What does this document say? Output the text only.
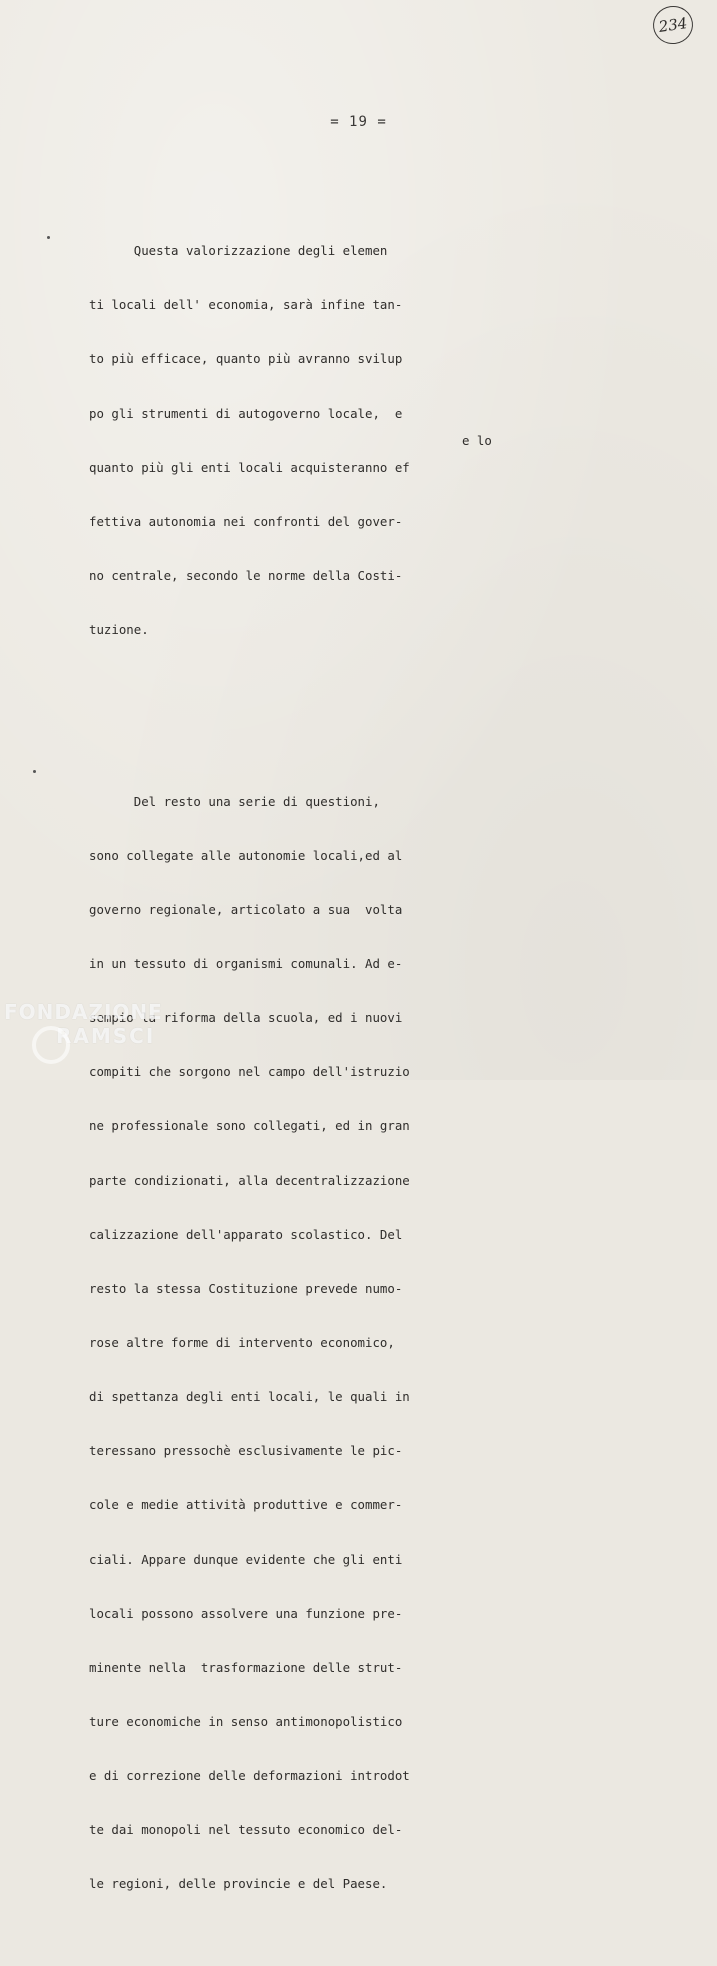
234
= 19 =

Questa valorizzazione degli elemen

ti locali dell' economia, sarà infine tan-

to più efficace, quanto più avranno svilup

po gli strumenti di autogoverno locale,  e

quanto più gli enti locali acquisteranno ef

fettiva autonomia nei confronti del gover-

no centrale, secondo le norme della Costi-

tuzione.

Del resto una serie di questioni,

sono collegate alle autonomie locali,ed al

governo regionale, articolato a sua  volta

in un tessuto di organismi comunali. Ad e-

sempio la riforma della scuola, ed i nuovi

compiti che sorgono nel campo dell'istruzio

ne professionale sono collegati, ed in gran

parte condizionati, alla decentralizzazione

calizzazione dell'apparato scolastico. Del

resto la stessa Costituzione prevede numo-

rose altre forme di intervento economico,

di spettanza degli enti locali, le quali in

teressano pressochè esclusivamente le pic-

cole e medie attività produttive e commer-

ciali. Appare dunque evidente che gli enti

locali possono assolvere una funzione pre-

minente nella  trasformazione delle strut-

ture economiche in senso antimonopolistico

e di correzione delle deformazioni introdot

te dai monopoli nel tessuto economico del-

le regioni, delle provincie e del Paese.

e lo
FONDAZIONE
RAMSCI
